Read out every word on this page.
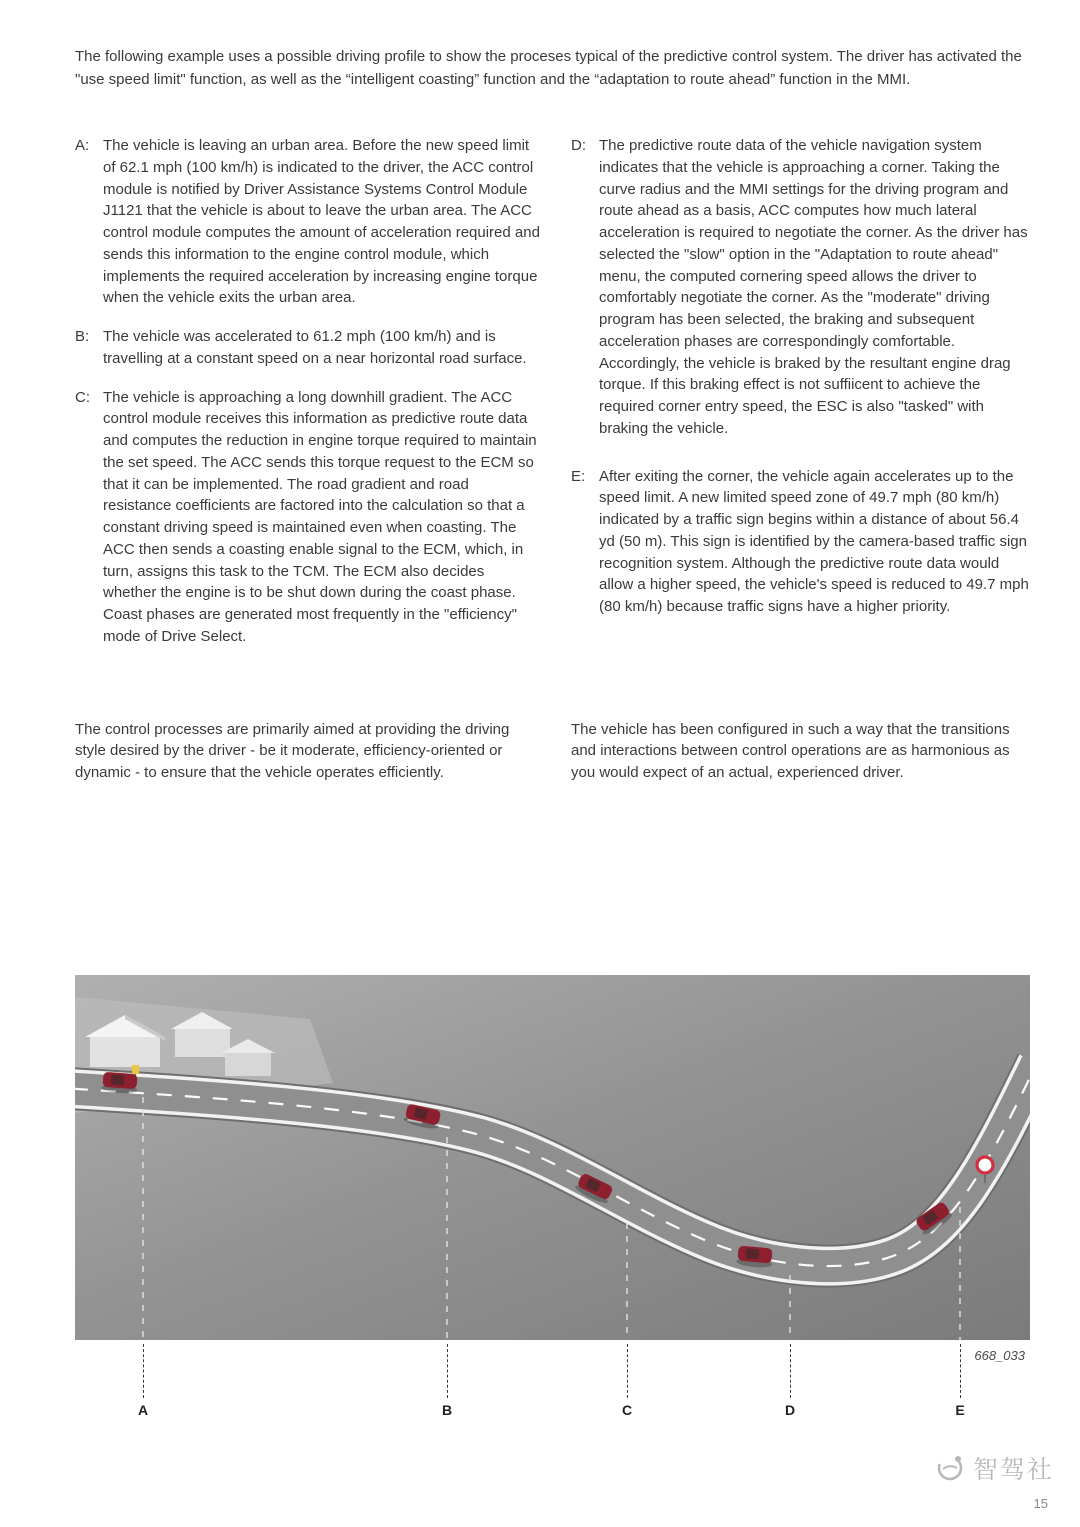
The following example uses a possible driving profile to show the proceses typical of the predictive control system. The driver has activated the "use speed limit" function, as well as the “intelligent coasting” function and the “adaptation to route ahead” function in the MMI.

A: The vehicle is leaving an urban area. Before the new speed limit of 62.1 mph (100 km/h) is indicated to the driver, the ACC control module is notified by Driver Assistance Systems Control Module J1121 that the vehicle is about to leave the urban area. The ACC control module computes the amount of acceleration required and sends this information to the engine control module, which implements the required acceleration by increasing engine torque when the vehicle exits the urban area.

B: The vehicle was accelerated to 61.2 mph (100 km/h) and is travelling at a constant speed on a near horizontal road surface.

C: The vehicle is approaching a long downhill gradient. The ACC control module receives this information as predictive route data and computes the reduction in engine torque required to maintain the set speed. The ACC sends this torque request to the ECM so that it can be implemented. The road gradient and road resistance coefficients are factored into the calculation so that a constant driving speed is maintained even when coasting. The ACC then sends a coasting enable signal to the ECM, which, in turn, assigns this task to the TCM. The ECM also decides whether the engine is to be shut down during the coast phase. Coast phases are generated most frequently in the "efficiency" mode of Drive Select.

D: The predictive route data of the vehicle navigation system indicates that the vehicle is approaching a corner. Taking the curve radius and the MMI settings for the driving program and route ahead as a basis, ACC computes how much lateral acceleration is required to negotiate the corner. As the driver has selected the "slow" option in the "Adaptation to route ahead" menu, the computed cornering speed allows the driver to comfortably negotiate the corner. As the "moderate" driving program has been selected, the braking and subsequent acceleration phases are correspondingly comfortable. Accordingly, the vehicle is braked by the resultant engine drag torque. If this braking effect is not suffiicent to achieve the required corner entry speed, the ESC is also "tasked" with braking the vehicle.

E: After exiting the corner, the vehicle again accelerates up to the speed limit. A new limited speed zone of 49.7 mph (80 km/h) indicated by a traffic sign begins within a distance of about 56.4 yd (50 m). This sign is identified by the camera-based traffic sign recognition system. Although the predictive route data would allow a higher speed, the vehicle's speed is reduced to 49.7 mph (80 km/h) because traffic signs have a higher priority.

The control processes are primarily aimed at providing the driving style desired by the driver - be it moderate, efficiency-oriented or dynamic - to ensure that the vehicle operates efficiently.

The vehicle has been configured in such a way that the transitions and interactions between control operations are as harmonious as you would expect of an actual, experienced driver.

668_033
A	B	C	D	E
智驾社
15
